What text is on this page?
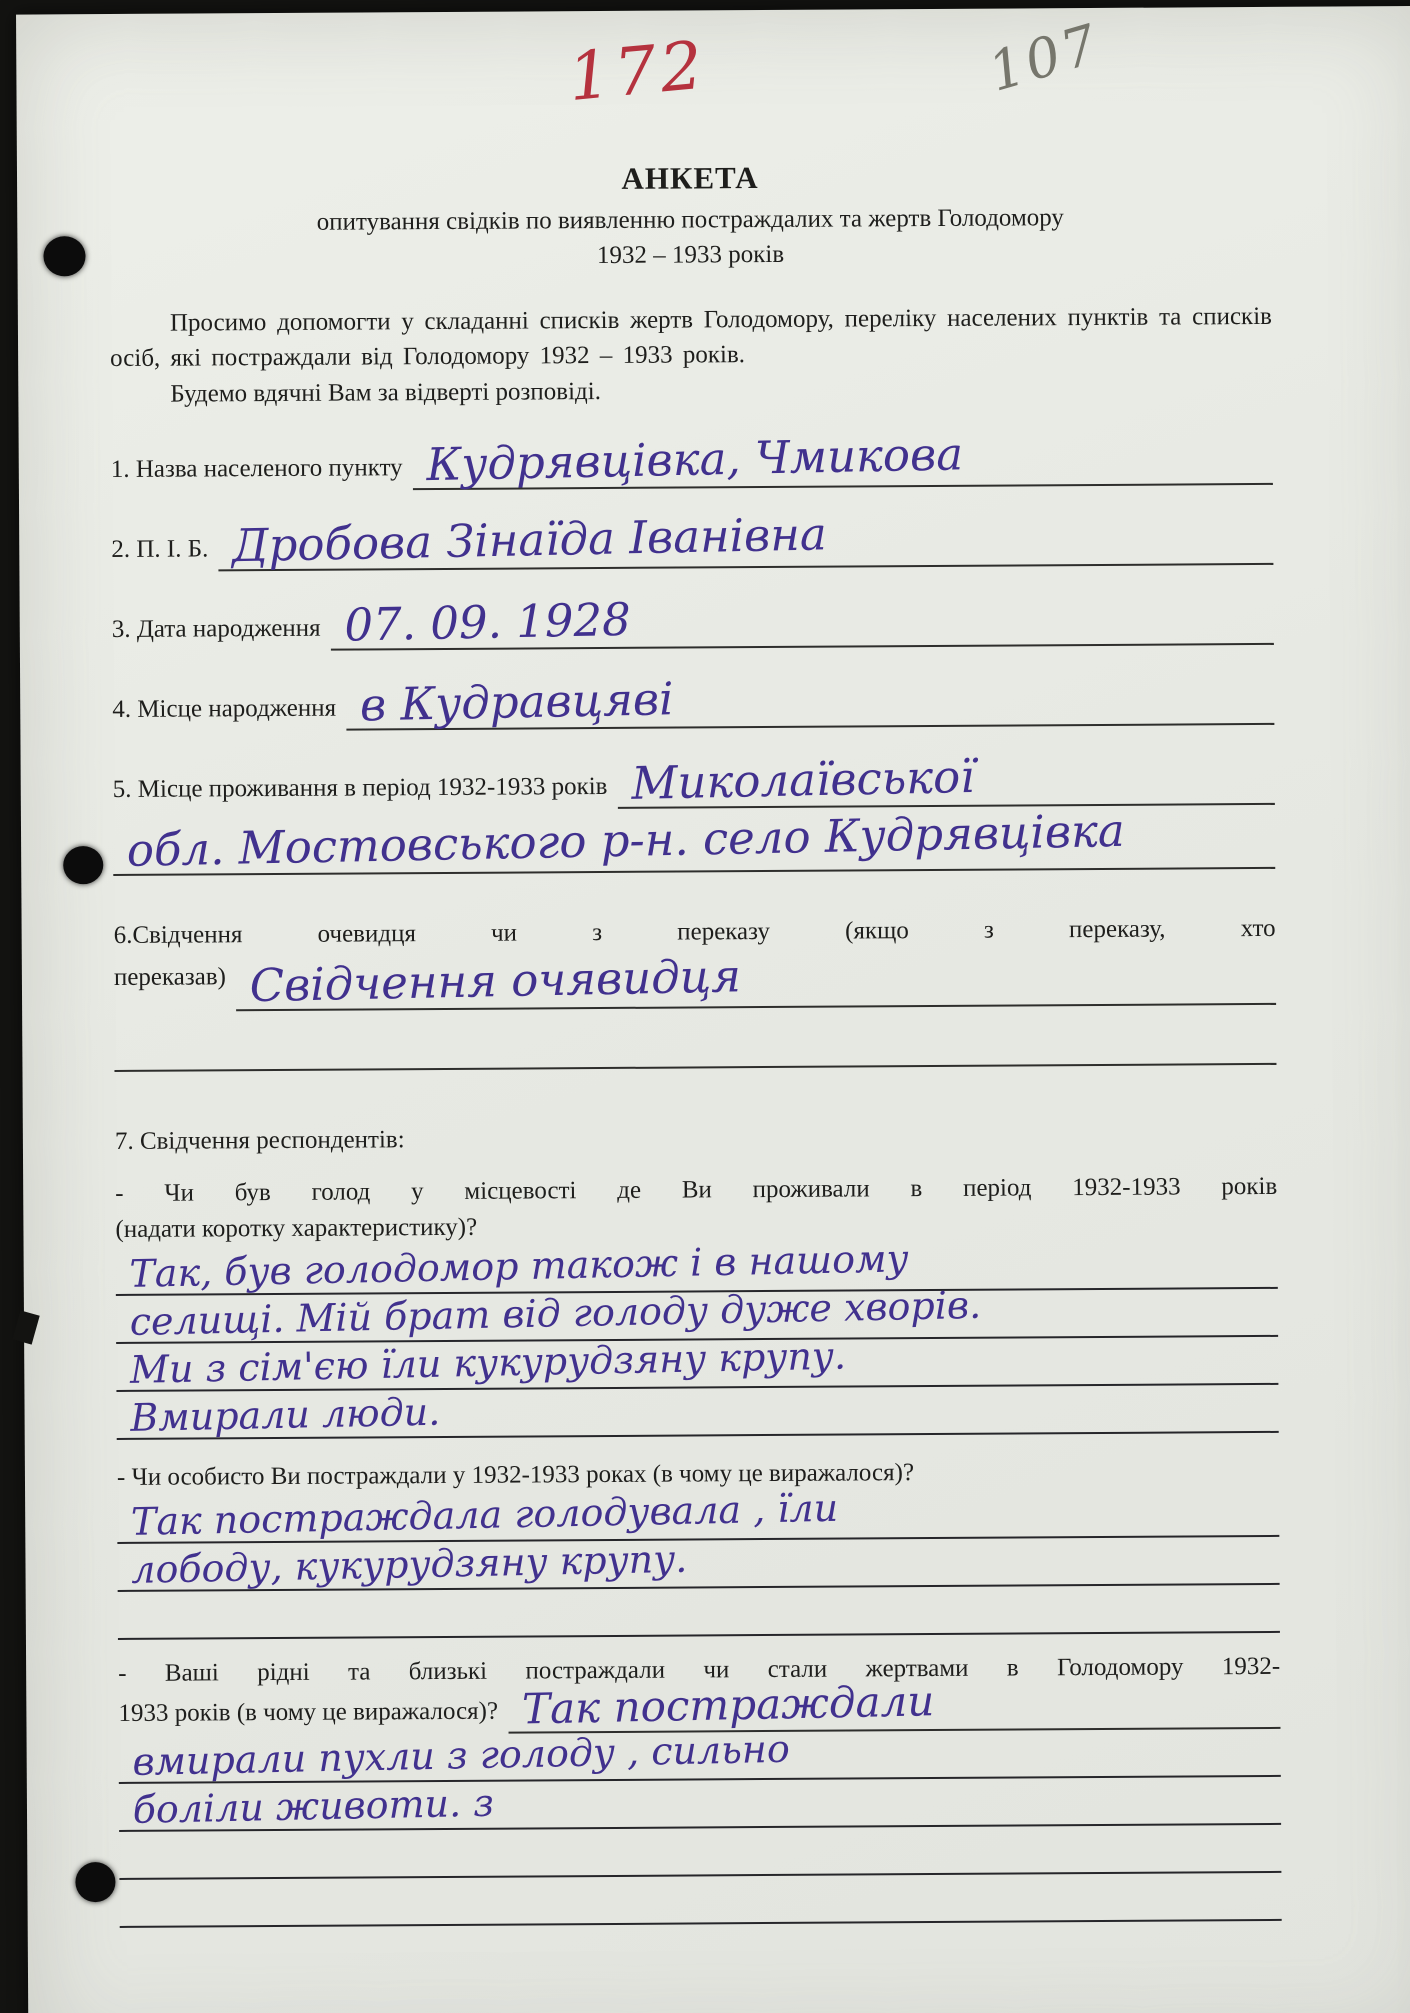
172	107
АНКЕТА
опитування свідків по виявленню постраждалих та жертв Голодомору
1932 – 1933 років

Просимо допомогти у складанні списків жертв Голодомору, переліку населених пунктів та списків осіб, які постраждали від Голодомору 1932 – 1933 років.

Будемо вдячні Вам за відверті розповіді.

1. Назва населеного пункту Кудрявцівка, Чмикова
2. П. І. Б. Дробова Зінаїда Іванівна
3. Дата народження 07. 09. 1928
4. Місце народження в Кудравцяві
5. Місце проживання в період 1932-1933 років Миколаївської
обл. Мостовського р-н. село Кудрявцівка
6.Свідчення очевидця чи з переказу (якщо з переказу, хто
переказав) Свідчення очявидця

7. Свідчення респондентів:

- Чи був голод у місцевості де Ви проживали в період 1932-1933 років
(надати коротку характеристику)?
Так, був голодомор також і в нашому
селищі. Мій брат від голоду дуже хворів.
Ми з сім'єю їли кукурудзяну крупу.
Вмирали люди.
- Чи особисто Ви постраждали у 1932-1933 роках (в чому це виражалося)?
Так постраждала голодувала , їли
лободу, кукурудзяну крупу.
- Ваші рідні та близькі постраждали чи стали жертвами в Голодомору 1932-
1933 років (в чому це виражалося)? Так постраждали
вмирали пухли з голоду , сильно
боліли животи. з
